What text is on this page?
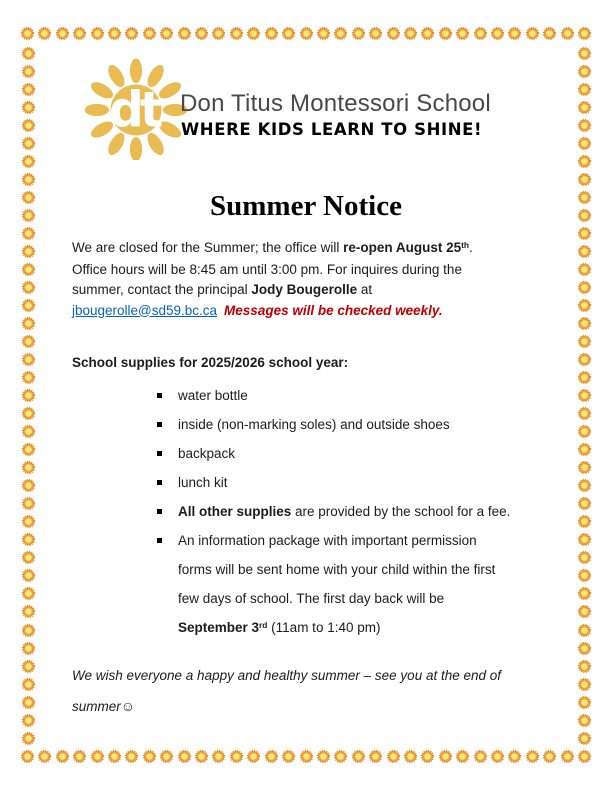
dt Don Titus Montessori School
WHERE KIDS LEARN TO SHINE!
Summer Notice
We are closed for the Summer; the office will re-open August 25th.
Office hours will be 8:45 am until 3:00 pm. For inquires during the
summer, contact the principal Jody Bougerolle at
jbougerolle@sd59.bc.ca Messages will be checked weekly.
School supplies for 2025/2026 school year:
water bottle
inside (non-marking soles) and outside shoes
backpack
lunch kit
All other supplies are provided by the school for a fee.
An information package with important permission
forms will be sent home with your child within the first
few days of school. The first day back will be
September 3rd (11am to 1:40 pm)
We wish everyone a happy and healthy summer – see you at the end of
summer☺
